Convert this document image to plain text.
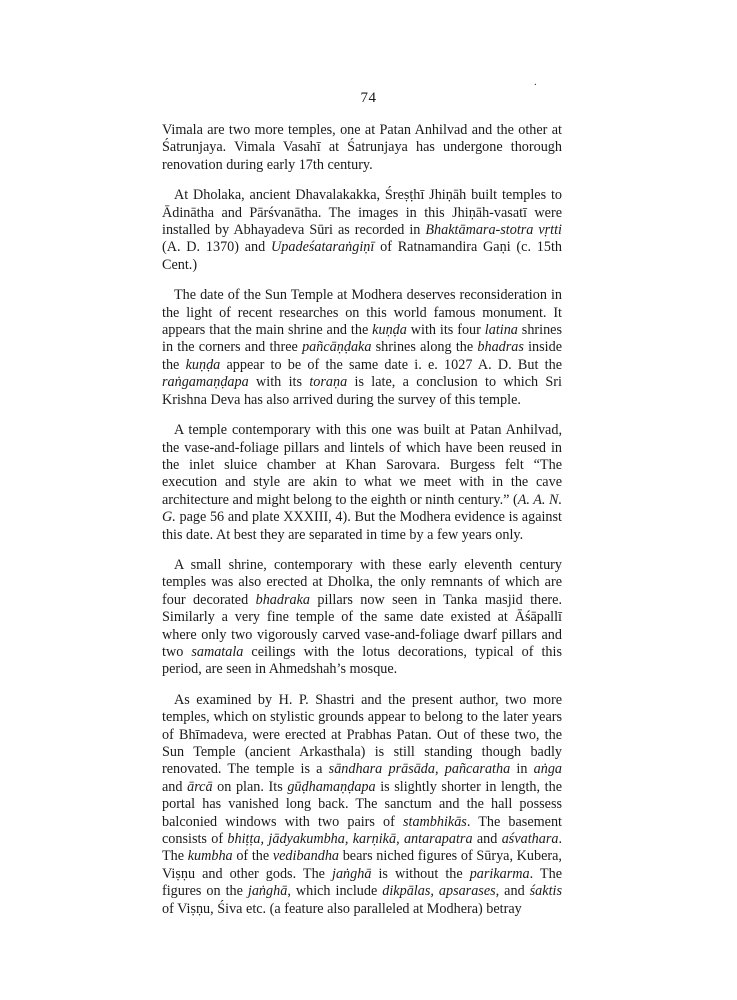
.
74

Vimala are two more temples, one at Patan Anhilvad and the other at Śatrunjaya. Vimala Vasahī at Śatrunjaya has undergone thorough renovation during early 17th century.

At Dholaka, ancient Dhavalakakka, Śreṣṭhī Jhiṇāh built temples to Ādinātha and Pārśvanātha. The images in this Jhiṇāh-vasatī were installed by Abhayadeva Sūri as recorded in Bhaktāmara-stotra vṛtti (A. D. 1370) and Upadeśataraṅgiṇī of Ratnamandira Gaṇi (c. 15th Cent.)

The date of the Sun Temple at Modhera deserves reconsideration in the light of recent researches on this world famous monument. It appears that the main shrine and the kuṇḍa with its four latina shrines in the corners and three pañcāṇḍaka shrines along the bhadras inside the kuṇḍa appear to be of the same date i. e. 1027 A. D. But the raṅgamaṇḍapa with its toraṇa is late, a conclusion to which Sri Krishna Deva has also arrived during the survey of this temple.

A temple contemporary with this one was built at Patan Anhilvad, the vase-and-foliage pillars and lintels of which have been reused in the inlet sluice chamber at Khan Sarovara. Burgess felt “The execution and style are akin to what we meet with in the cave architecture and might belong to the eighth or ninth century.” (A. A. N. G. page 56 and plate XXXIII, 4). But the Modhera evidence is against this date. At best they are separated in time by a few years only.

A small shrine, contemporary with these early eleventh century temples was also erected at Dholka, the only remnants of which are four decorated bhadraka pillars now seen in Tanka masjid there. Similarly a very fine temple of the same date existed at Āśāpallī where only two vigorously carved vase-and-foliage dwarf pillars and two samatala ceilings with the lotus decorations, typical of this period, are seen in Ahmedshah’s mosque.

As examined by H. P. Shastri and the present author, two more temples, which on stylistic grounds appear to belong to the later years of Bhīmadeva, were erected at Prabhas Patan. Out of these two, the Sun Temple (ancient Arkasthala) is still standing though badly renovated. The temple is a sāndhara prāsāda, pañcaratha in aṅga and ārcā on plan. Its gūḍhamaṇḍapa is slightly shorter in length, the portal has vanished long back. The sanctum and the hall possess balconied windows with two pairs of stambhikās. The basement consists of bhiṭṭa, jādyakumbha, karṇikā, antarapatra and aśvathara. The kumbha of the vedibandha bears niched figures of Sūrya, Kubera, Viṣṇu and other gods. The jaṅghā is without the parikarma. The figures on the jaṅghā, which include dikpālas, apsarases, and śaktis of Viṣṇu, Śiva etc. (a feature also paralleled at Modhera) betray
